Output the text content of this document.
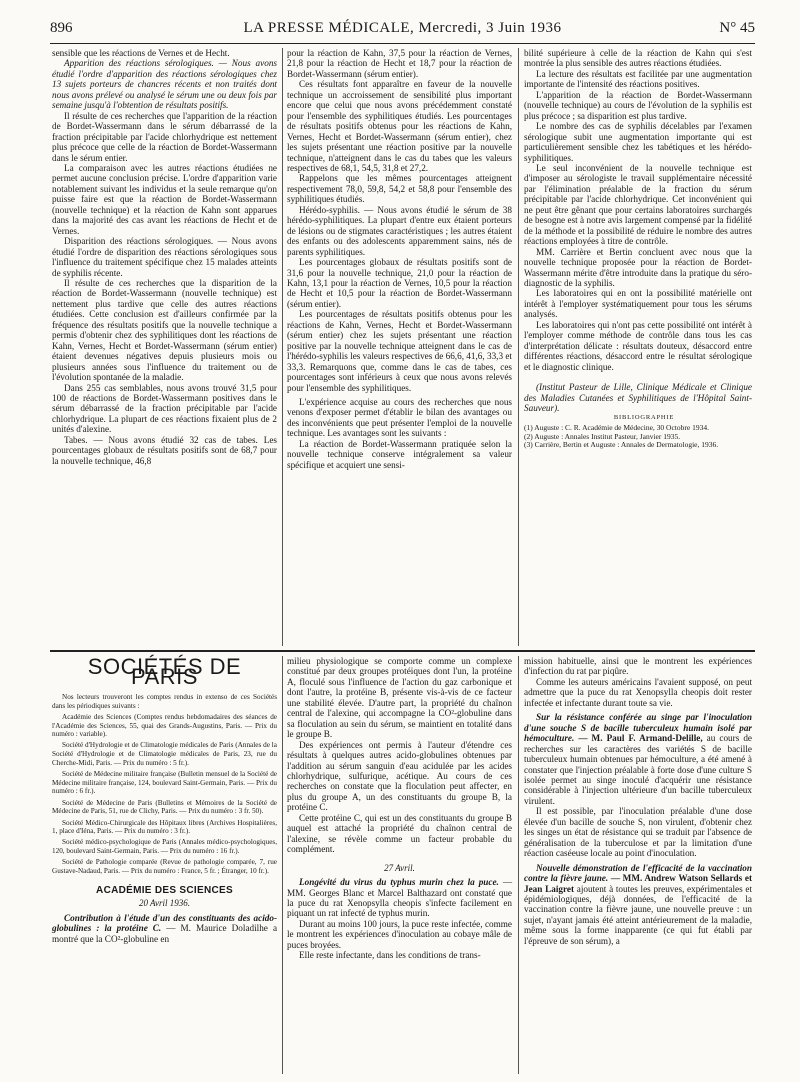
896	LA PRESSE MÉDICALE, Mercredi, 3 Juin 1936	N° 45

sensible que les réactions de Vernes et de Hecht.

Apparition des réactions sérologiques. — Nous avons étudié l'ordre d'apparition des réactions sérologiques chez 13 sujets porteurs de chancres récents et non traités dont nous avons prélevé ou analysé le sérum une ou deux fois par semaine jusqu'à l'obtention de résultats positifs.

Il résulte de ces recherches que l'apparition de la réaction de Bordet-Wassermann dans le sérum débarrassé de la fraction précipitable par l'acide chlorhydrique est nettement plus précoce que celle de la réaction de Bordet-Wassermann dans le sérum entier.

La comparaison avec les autres réactions étudiées ne permet aucune conclusion précise. L'ordre d'apparition varie notablement suivant les individus et la seule remarque qu'on puisse faire est que la réaction de Bordet-Wassermann (nouvelle technique) et la réaction de Kahn sont apparues dans la majorité des cas avant les réactions de Hecht et de Vernes.

Disparition des réactions sérologiques. — Nous avons étudié l'ordre de disparition des réactions sérologiques sous l'influence du traitement spécifique chez 15 malades atteints de syphilis récente.

Il résulte de ces recherches que la disparition de la réaction de Bordet-Wassermann (nouvelle technique) est nettement plus tardive que celle des autres réactions étudiées. Cette conclusion est d'ailleurs confirmée par la fréquence des résultats positifs que la nouvelle technique a permis d'obtenir chez des syphilitiques dont les réactions de Kahn, Vernes, Hecht et Bordet-Wassermann (sérum entier) étaient devenues négatives depuis plusieurs mois ou plusieurs années sous l'influence du traitement ou de l'évolution spontanée de la maladie.

Dans 255 cas semblables, nous avons trouvé 31,5 pour 100 de réactions de Bordet-Wassermann positives dans le sérum débarrassé de la fraction précipitable par l'acide chlorhydrique. La plupart de ces réactions fixaient plus de 2 unités d'alexine.

Tabes. — Nous avons étudié 32 cas de tabes. Les pourcentages globaux de résultats positifs sont de 68,7 pour la nouvelle technique, 46,8

pour la réaction de Kahn, 37,5 pour la réaction de Vernes, 21,8 pour la réaction de Hecht et 18,7 pour la réaction de Bordet-Wassermann (sérum entier).

Ces résultats font apparaître en faveur de la nouvelle technique un accroissement de sensibilité plus important encore que celui que nous avons précédemment constaté pour l'ensemble des syphilitiques étudiés. Les pourcentages de résultats positifs obtenus pour les réactions de Kahn, Vernes, Hecht et Bordet-Wassermann (sérum entier), chez les sujets présentant une réaction positive par la nouvelle technique, n'atteignent dans le cas du tabes que les valeurs respectives de 68,1, 54,5, 31,8 et 27,2.

Rappelons que les mêmes pourcentages atteignent respectivement 78,0, 59,8, 54,2 et 58,8 pour l'ensemble des syphilitiques étudiés.

Hérédo-syphilis. — Nous avons étudié le sérum de 38 hérédo-syphilitiques. La plupart d'entre eux étaient porteurs de lésions ou de stigmates caractéristiques ; les autres étaient des enfants ou des adolescents apparemment sains, nés de parents syphilitiques.

Les pourcentages globaux de résultats positifs sont de 31,6 pour la nouvelle technique, 21,0 pour la réaction de Kahn, 13,1 pour la réaction de Vernes, 10,5 pour la réaction de Hecht et 10,5 pour la réaction de Bordet-Wassermann (sérum entier).

Les pourcentages de résultats positifs obtenus pour les réactions de Kahn, Vernes, Hecht et Bordet-Wassermann (sérum entier) chez les sujets présentant une réaction positive par la nouvelle technique atteignent dans le cas de l'hérédo-syphilis les valeurs respectives de 66,6, 41,6, 33,3 et 33,3. Remarquons que, comme dans le cas de tabes, ces pourcentages sont inférieurs à ceux que nous avons relevés pour l'ensemble des syphilitiques.

L'expérience acquise au cours des recherches que nous venons d'exposer permet d'établir le bilan des avantages ou des inconvénients que peut présenter l'emploi de la nouvelle technique. Les avantages sont les suivants :

La réaction de Bordet-Wassermann pratiquée selon la nouvelle technique conserve intégralement sa valeur spécifique et acquiert une sensi-

bilité supérieure à celle de la réaction de Kahn qui s'est montrée la plus sensible des autres réactions étudiées.

La lecture des résultats est facilitée par une augmentation importante de l'intensité des réactions positives.

L'apparition de la réaction de Bordet-Wassermann (nouvelle technique) au cours de l'évolution de la syphilis est plus précoce ; sa disparition est plus tardive.

Le nombre des cas de syphilis décelables par l'examen sérologique subit une augmentation importante qui est particulièrement sensible chez les tabétiques et les hérédo-syphilitiques.

Le seul inconvénient de la nouvelle technique est d'imposer au sérologiste le travail supplémentaire nécessité par l'élimination préalable de la fraction du sérum précipitable par l'acide chlorhydrique. Cet inconvénient qui ne peut être gênant que pour certains laboratoires surchargés de besogne est à notre avis largement compensé par la fidélité de la méthode et la possibilité de réduire le nombre des autres réactions employées à titre de contrôle.

MM. Carrière et Bertin concluent avec nous que la nouvelle technique proposée pour la réaction de Bordet-Wassermann mérite d'être introduite dans la pratique du séro-diagnostic de la syphilis.

Les laboratoires qui en ont la possibilité matérielle ont intérêt à l'employer systématiquement pour tous les sérums analysés.

Les laboratoires qui n'ont pas cette possibilité ont intérêt à l'employer comme méthode de contrôle dans tous les cas d'interprétation délicate : résultats douteux, désaccord entre différentes réactions, désaccord entre le résultat sérologique et le diagnostic clinique.

(Institut Pasteur de Lille, Clinique Médicale et Clinique des Maladies Cutanées et Syphilitiques de l'Hôpital Saint-Sauveur).

BIBLIOGRAPHIE

(1) Auguste : C. R. Académie de Médecine, 30 Octobre 1934.

(2) Auguste : Annales Institut Pasteur, Janvier 1935.

(3) Carrière, Bertin et Auguste : Annales de Dermatologie, 1936.

SOCIÉTÉS DE PARIS

Nos lecteurs trouveront les comptes rendus in extenso de ces Sociétés dans les périodiques suivants :

Académie des Sciences (Comptes rendus hebdomadaires des séances de l'Académie des Sciences, 55, quai des Grands-Augustins, Paris. — Prix du numéro : variable).

Société d'Hydrologie et de Climatologie médicales de Paris (Annales de la Société d'Hydrologie et de Climatologie médicales de Paris, 23, rue du Cherche-Midi, Paris. — Prix du numéro : 5 fr.).

Société de Médecine militaire française (Bulletin mensuel de la Société de Médecine militaire française, 124, boulevard Saint-Germain, Paris. — Prix du numéro : 6 fr.).

Société de Médecine de Paris (Bulletins et Mémoires de la Société de Médecine de Paris, 51, rue de Clichy, Paris. — Prix du numéro : 3 fr. 50).

Société Médico-Chirurgicale des Hôpitaux libres (Archives Hospitalières, 1, place d'Iéna, Paris. — Prix du numéro : 3 fr.).

Société médico-psychologique de Paris (Annales médico-psychologiques, 120, boulevard Saint-Germain, Paris. — Prix du numéro : 16 fr.).

Société de Pathologie comparée (Revue de pathologie comparée, 7, rue Gustave-Nadaud, Paris. — Prix du numéro : France, 5 fr. ; Étranger, 10 fr.).

ACADÉMIE DES SCIENCES
20 Avril 1936.

Contribution à l'étude d'un des constituants des acido-globulines : la protéine C. — M. Maurice Doladilhe a montré que la CO²-globuline en

milieu physiologique se comporte comme un complexe constitué par deux groupes protéiques dont l'un, la protéine A, floculé sous l'influence de l'action du gaz carbonique et dont l'autre, la protéine B, présente vis-à-vis de ce facteur une stabilité élevée. D'autre part, la propriété du chaînon central de l'alexine, qui accompagne la CO²-globuline dans sa floculation au sein du sérum, se maintient en totalité dans le groupe B.

Des expériences ont permis à l'auteur d'étendre ces résultats à quelques autres acido-globulines obtenues par l'addition au sérum sanguin d'eau acidulée par les acides chlorhydrique, sulfurique, acétique. Au cours de ces recherches on constate que la floculation peut affecter, en plus du groupe A, un des constituants du groupe B, la protéine C.

Cette protéine C, qui est un des constituants du groupe B auquel est attaché la propriété du chaînon central de l'alexine, se révèle comme un facteur probable du complément.

27 Avril.

Longévité du virus du typhus murin chez la puce. — MM. Georges Blanc et Marcel Balthazard ont constaté que la puce du rat Xenopsylla cheopis s'infecte facilement en piquant un rat infecté de typhus murin.

Durant au moins 100 jours, la puce reste infectée, comme le montrent les expériences d'inoculation au cobaye mâle de puces broyées.

Elle reste infectante, dans les conditions de trans-

mission habituelle, ainsi que le montrent les expériences d'infection du rat par piqûre.

Comme les auteurs américains l'avaient supposé, on peut admettre que la puce du rat Xenopsylla cheopis doit rester infectée et infectante durant toute sa vie.

Sur la résistance conférée au singe par l'inoculation d'une souche S de bacille tuberculeux humain isolé par hémoculture. — M. Paul F. Armand-Delille, au cours de recherches sur les caractères des variétés S de bacille tuberculeux humain obtenues par hémoculture, a été amené à constater que l'injection préalable à forte dose d'une culture S isolée permet au singe inoculé d'acquérir une résistance considérable à l'injection ultérieure d'un bacille tuberculeux virulent.

Il est possible, par l'inoculation préalable d'une dose élevée d'un bacille de souche S, non virulent, d'obtenir chez les singes un état de résistance qui se traduit par l'absence de généralisation de la tuberculose et par la limitation d'une réaction caséeuse locale au point d'inoculation.

Nouvelle démonstration de l'efficacité de la vaccination contre la fièvre jaune. — MM. Andrew Watson Sellards et Jean Laigret ajoutent à toutes les preuves, expérimentales et épidémiologiques, déjà données, de l'efficacité de la vaccination contre la fièvre jaune, une nouvelle preuve : un sujet, n'ayant jamais été atteint antérieurement de la maladie, même sous la forme inapparente (ce qui fut établi par l'épreuve de son sérum), a
